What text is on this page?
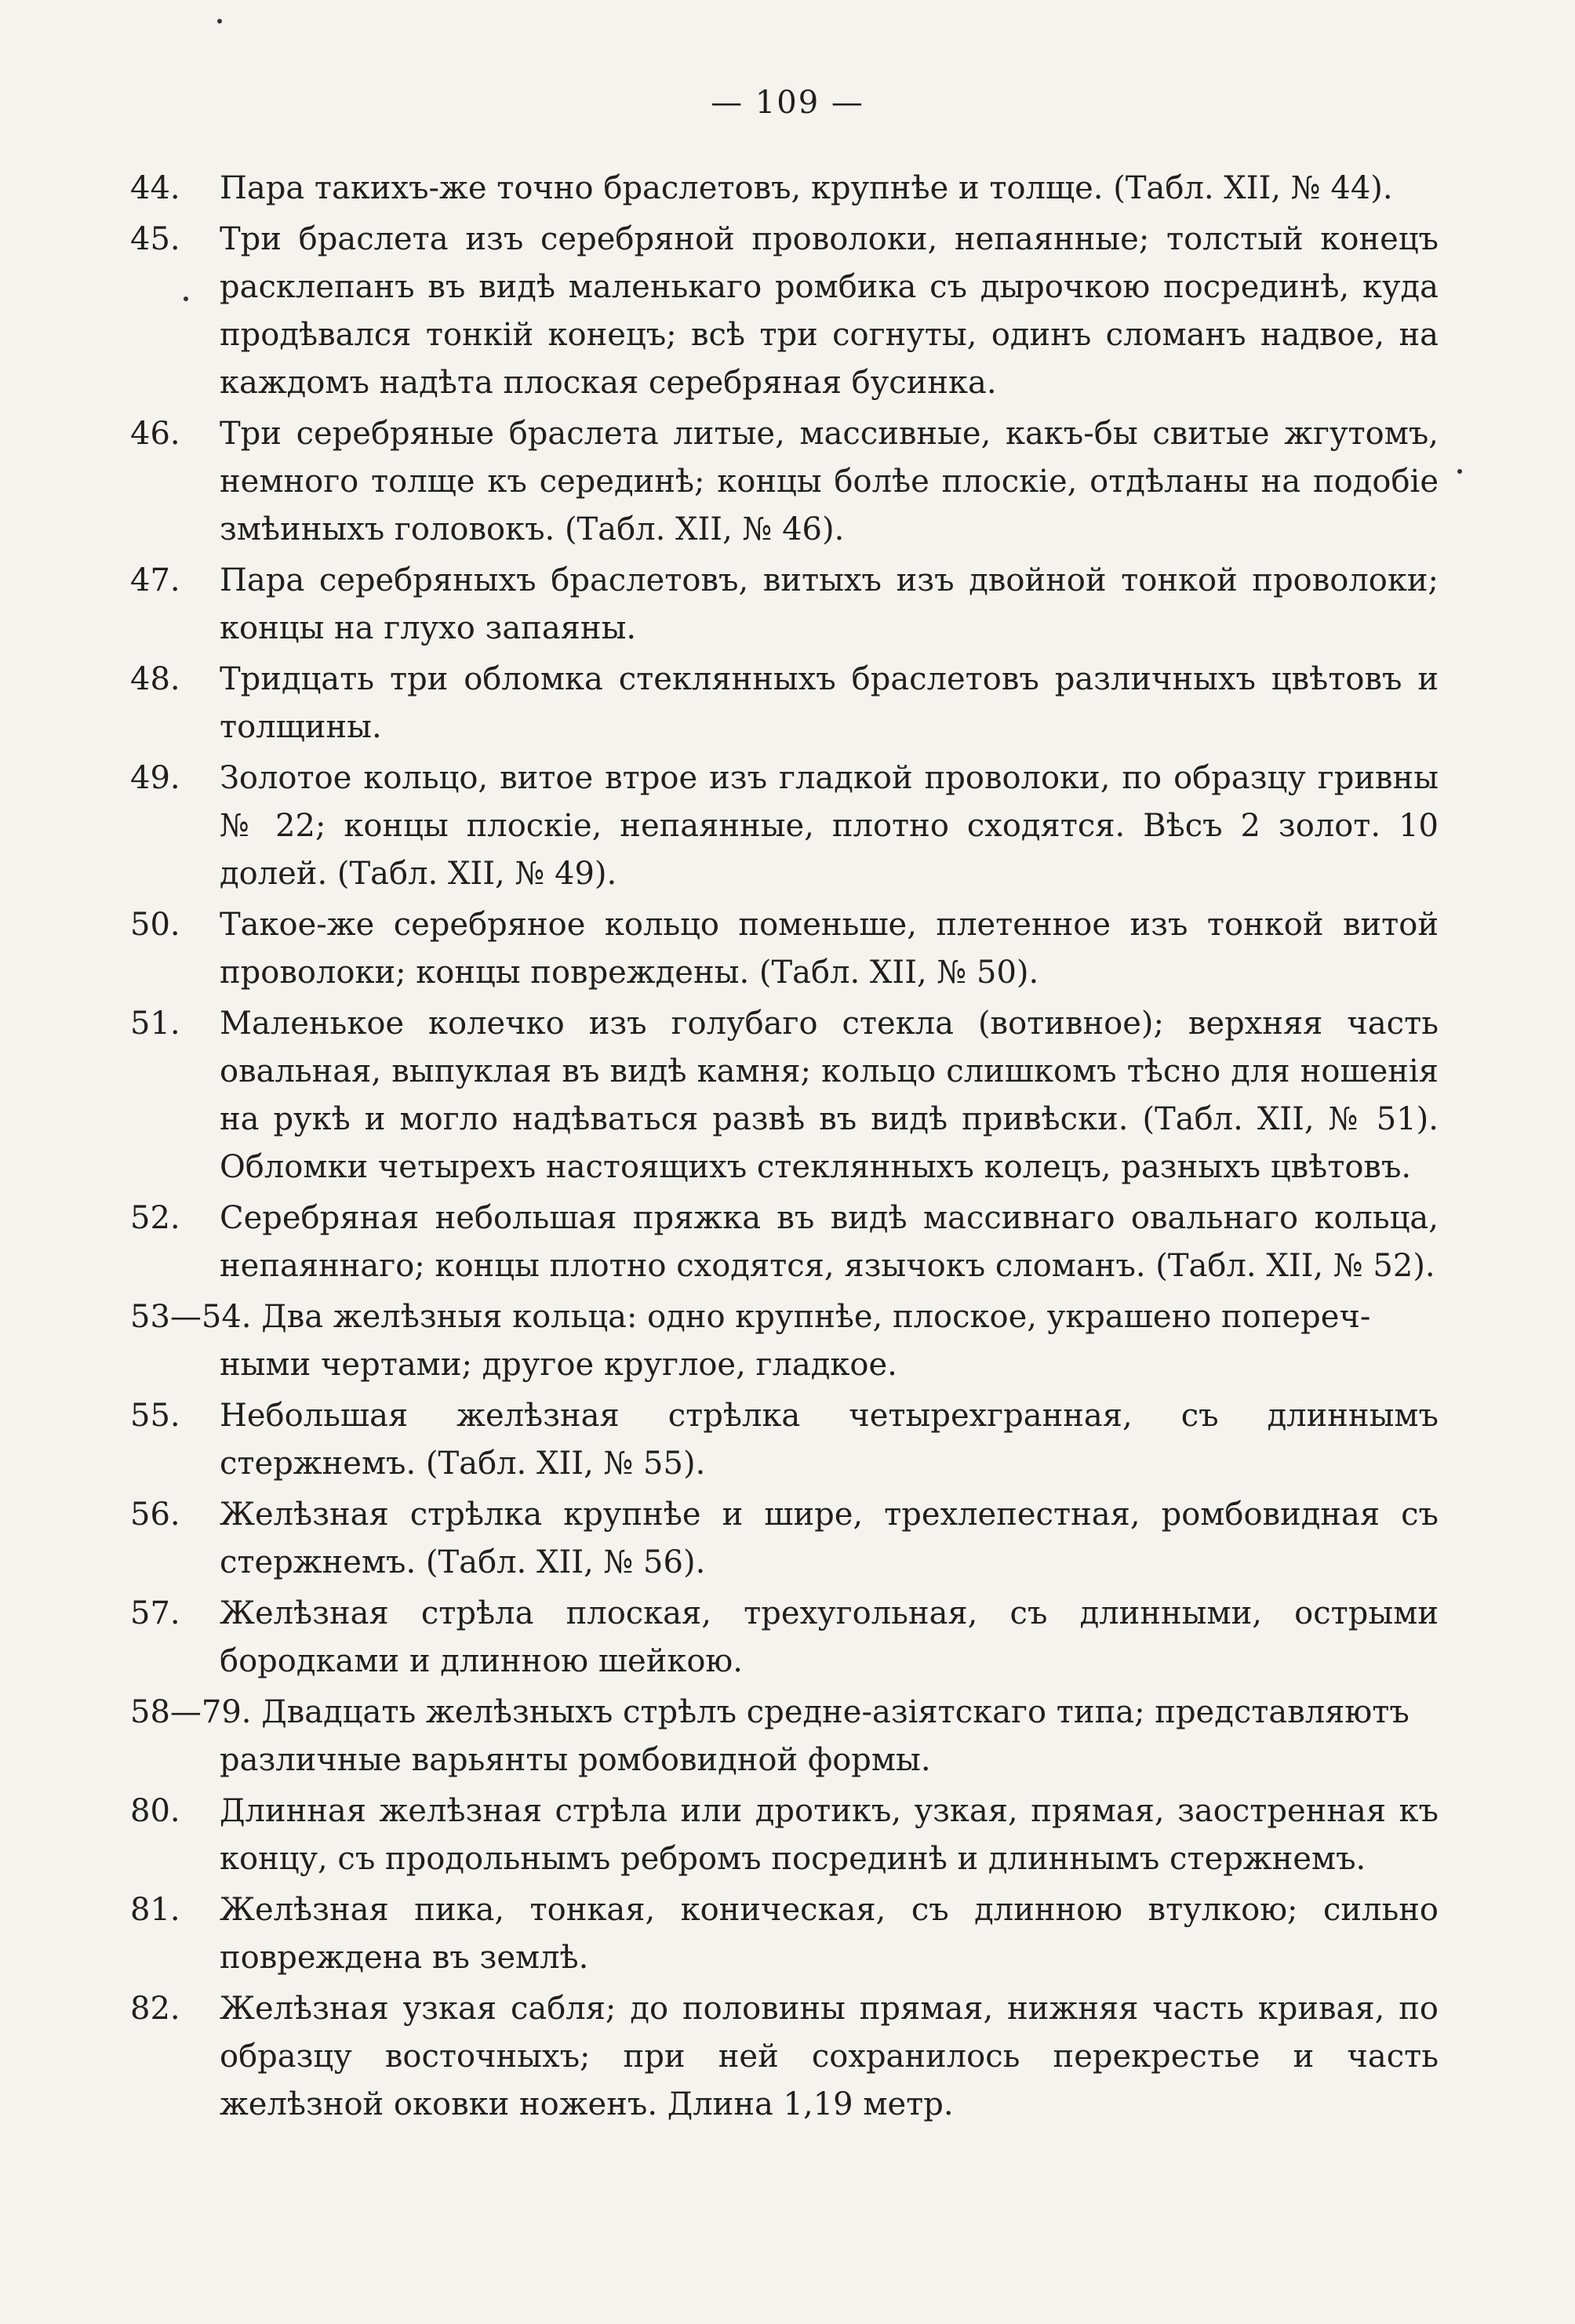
— 109 —
44. Пара такихъ-же точно браслетовъ, крупнѣе и толще. (Табл. XII, № 44).
45. Три браслета изъ серебряной проволоки, непаянные; толстый конецъ расклепанъ въ видѣ маленькаго ромбика съ дырочкою посрединѣ, куда продѣвался тонкій конецъ; всѣ три согнуты, одинъ сломанъ надвое, на каждомъ надѣта плоская серебряная бусинка.
46. Три серебряные браслета литые, массивные, какъ-бы свитые жгутомъ, немного толще къ серединѣ; концы болѣе плоскіе, отдѣланы на подобіе змѣиныхъ головокъ. (Табл. XII, № 46).
47. Пара серебряныхъ браслетовъ, витыхъ изъ двойной тонкой проволоки; концы на глухо запаяны.
48. Тридцать три обломка стеклянныхъ браслетовъ различныхъ цвѣтовъ и толщины.
49. Золотое кольцо, витое втрое изъ гладкой проволоки, по образцу гривны № 22; концы плоскіе, непаянные, плотно сходятся. Вѣсъ 2 золот. 10 долей. (Табл. XII, № 49).
50. Такое-же серебряное кольцо поменьше, плетенное изъ тонкой витой проволоки; концы повреждены. (Табл. XII, № 50).
51. Маленькое колечко изъ голубаго стекла (вотивное); верхняя часть овальная, выпуклая въ видѣ камня; кольцо слишкомъ тѣсно для ношенія на рукѣ и могло надѣваться развѣ въ видѣ привѣски. (Табл. XII, № 51). Обломки четырехъ настоящихъ стеклянныхъ колецъ, разныхъ цвѣтовъ.
52. Серебряная небольшая пряжка въ видѣ массивнаго овальнаго кольца, непаяннаго; концы плотно сходятся, язычокъ сломанъ. (Табл. XII, № 52).
53—54. Два желѣзныя кольца: одно крупнѣе, плоское, украшено попереч-
ными чертами; другое круглое, гладкое.
55. Небольшая желѣзная стрѣлка четырехгранная, съ длиннымъ стержнемъ. (Табл. XII, № 55).
56. Желѣзная стрѣлка крупнѣе и шире, трехлепестная, ромбовидная съ стержнемъ. (Табл. XII, № 56).
57. Желѣзная стрѣла плоская, трехугольная, съ длинными, острыми бородками и длинною шейкою.
58—79. Двадцать желѣзныхъ стрѣлъ средне-азіятскаго типа; представляютъ
различные варьянты ромбовидной формы.
80. Длинная желѣзная стрѣла или дротикъ, узкая, прямая, заостренная къ концу, съ продольнымъ ребромъ посрединѣ и длиннымъ стержнемъ.
81. Желѣзная пика, тонкая, коническая, съ длинною втулкою; сильно повреждена въ землѣ.
82. Желѣзная узкая сабля; до половины прямая, нижняя часть кривая, по образцу восточныхъ; при ней сохранилось перекрестье и часть желѣзной оковки ноженъ. Длина 1,19 метр.
